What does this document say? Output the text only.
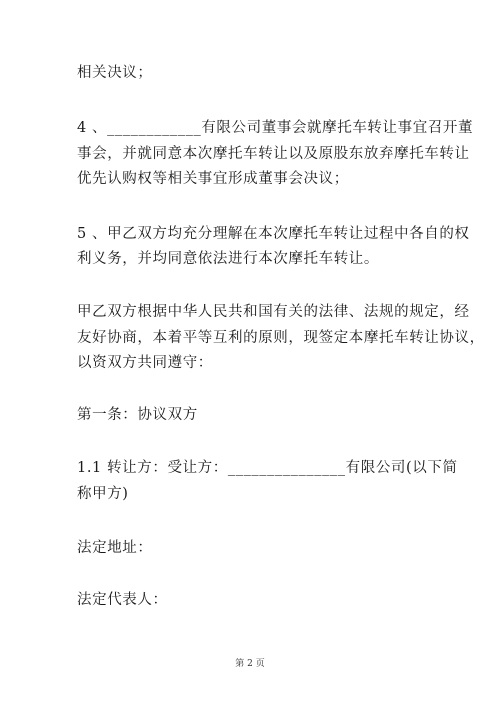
相关决议；
4 、____________有限公司董事会就摩托车转让事宜召开董
事会，并就同意本次摩托车转让以及原股东放弃摩托车转让
优先认购权等相关事宜形成董事会决议；
5 、甲乙双方均充分理解在本次摩托车转让过程中各自的权
利义务，并均同意依法进行本次摩托车转让。
甲乙双方根据中华人民共和国有关的法律、法规的规定，经
友好协商，本着平等互利的原则，现签定本摩托车转让协议，
以资双方共同遵守：
第一条：协议双方
1.1 转让方：受让方：_______________有限公司(以下简
称甲方)
法定地址：
法定代表人：
第 2 页
